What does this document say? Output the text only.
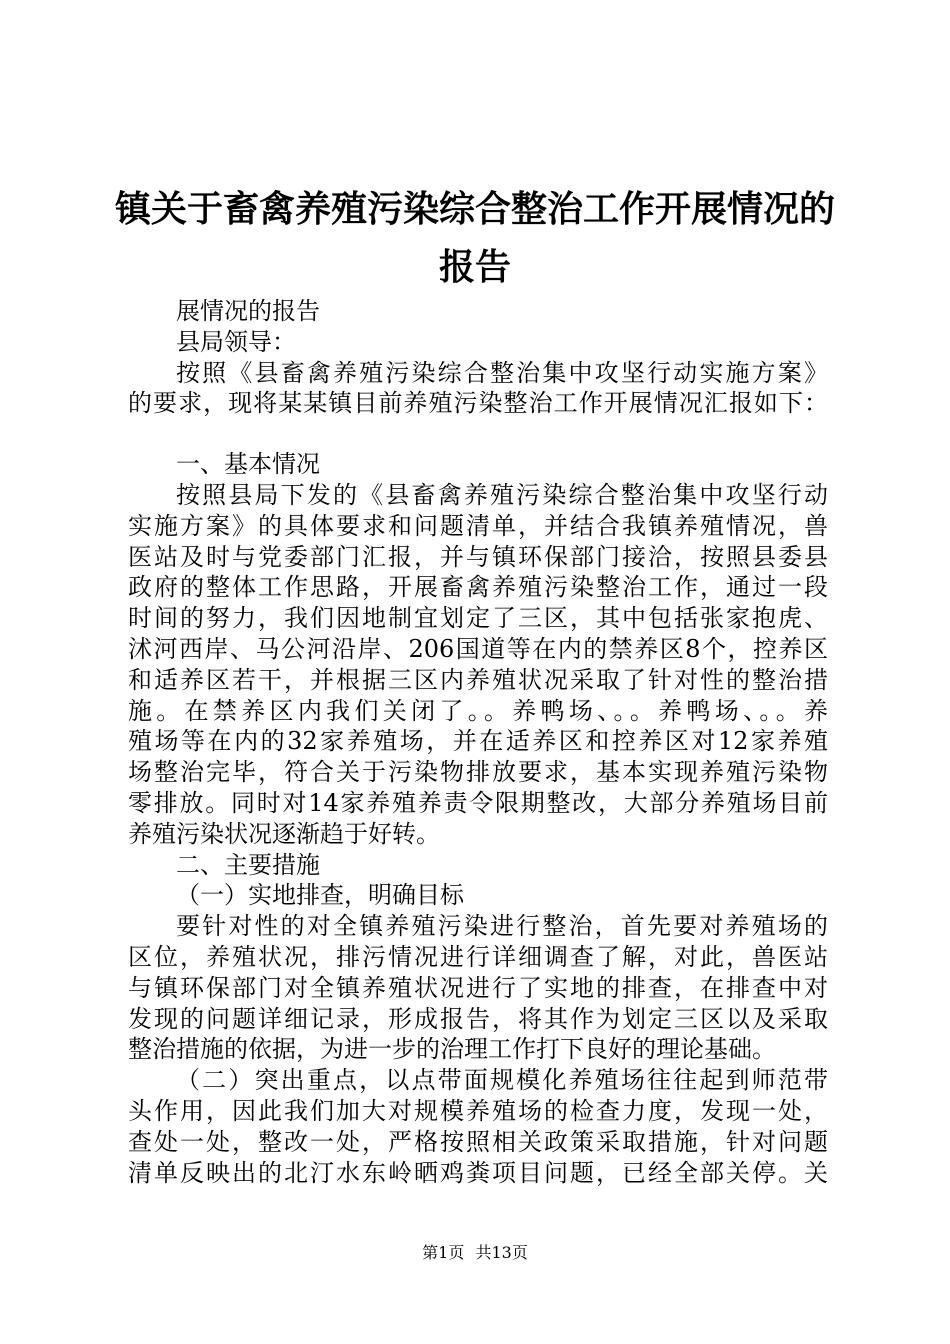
镇关于畜禽养殖污染综合整治工作开展情况的
报告
展情况的报告
县局领导：
按照《县畜禽养殖污染综合整治集中攻坚行动实施方案》
的要求，现将某某镇目前养殖污染整治工作开展情况汇报如下：
一、基本情况
按照县局下发的《县畜禽养殖污染综合整治集中攻坚行动
实施方案》的具体要求和问题清单，并结合我镇养殖情况，兽
医站及时与党委部门汇报，并与镇环保部门接洽，按照县委县
政府的整体工作思路，开展畜禽养殖污染整治工作，通过一段
时间的努力，我们因地制宜划定了三区，其中包括张家抱虎、
沭河西岸、马公河沿岸、206国道等在内的禁养区8个，控养区
和适养区若干，并根据三区内养殖状况采取了针对性的整治措
施。在禁养区内我们关闭了。。养鸭场、。。养鸭场、。。养
殖场等在内的32家养殖场，并在适养区和控养区对12家养殖
场整治完毕，符合关于污染物排放要求，基本实现养殖污染物
零排放。同时对14家养殖养责令限期整改，大部分养殖场目前
养殖污染状况逐渐趋于好转。
二、主要措施
（一）实地排查，明确目标
要针对性的对全镇养殖污染进行整治，首先要对养殖场的
区位，养殖状况，排污情况进行详细调查了解，对此，兽医站
与镇环保部门对全镇养殖状况进行了实地的排查，在排查中对
发现的问题详细记录，形成报告，将其作为划定三区以及采取
整治措施的依据，为进一步的治理工作打下良好的理论基础。
（二）突出重点，以点带面规模化养殖场往往起到师范带
头作用，因此我们加大对规模养殖场的检查力度，发现一处，
查处一处，整改一处，严格按照相关政策采取措施，针对问题
清单反映出的北汀水东岭晒鸡粪项目问题，已经全部关停。关
第1页 共13页
